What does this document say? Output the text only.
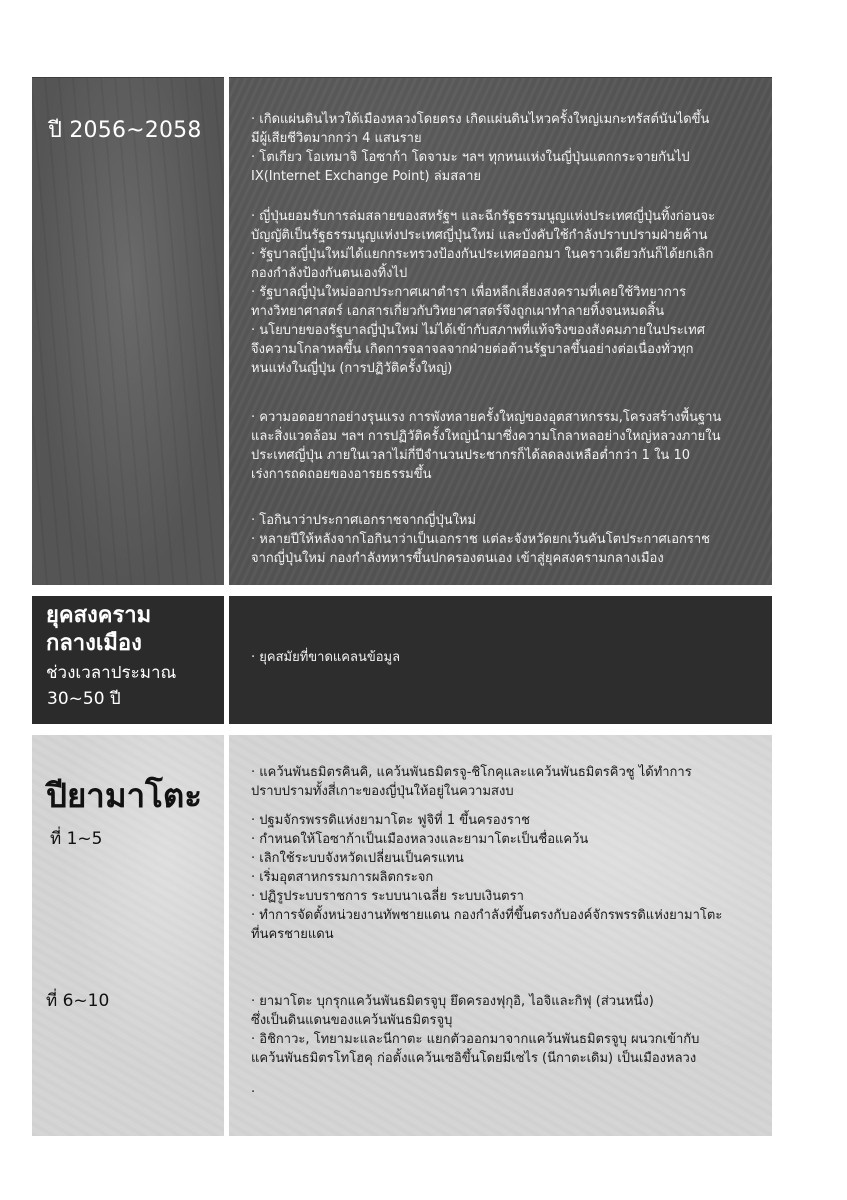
ปี 2056~2058	· เกิดแผ่นดินไหวใต้เมืองหลวงโดยตรง เกิดแผ่นดินไหวครั้งใหญ่เมกะทรัสต์นันไดขึ้น

มีผู้เสียชีวิตมากกว่า 4 แสนราย

· โตเกียว โอเทมาจิ โอซาก้า โดจามะ ฯลฯ ทุกหนแห่งในญี่ปุ่นแตกกระจายกันไป

IX(Internet Exchange Point) ล่มสลาย

· ญี่ปุ่นยอมรับการล่มสลายของสหรัฐฯ และฉีกรัฐธรรมนูญแห่งประเทศญี่ปุ่นทิ้งก่อนจะ

บัญญัติเป็นรัฐธรรมนูญแห่งประเทศญี่ปุ่นใหม่ และบังคับใช้กำลังปราบปรามฝ่ายค้าน

· รัฐบาลญี่ปุ่นใหม่ได้แยกกระทรวงป้องกันประเทศออกมา ในคราวเดียวกันก็ได้ยกเลิก

กองกำลังป้องกันตนเองทิ้งไป

· รัฐบาลญี่ปุ่นใหม่ออกประกาศเผาตำรา เพื่อหลีกเลี่ยงสงครามที่เคยใช้วิทยาการ

ทางวิทยาศาสตร์ เอกสารเกี่ยวกับวิทยาศาสตร์จึงถูกเผาทำลายทิ้งจนหมดสิ้น

· นโยบายของรัฐบาลญี่ปุ่นใหม่ ไม่ได้เข้ากับสภาพที่แท้จริงของสังคมภายในประเทศ

จึงความโกลาหลขึ้น เกิดการจลาจลจากฝ่ายต่อต้านรัฐบาลขึ้นอย่างต่อเนื่องทั่วทุก

หนแห่งในญี่ปุ่น (การปฏิวัติครั้งใหญ่)

· ความอดอยากอย่างรุนแรง การพังทลายครั้งใหญ่ของอุตสาหกรรม,โครงสร้างพื้นฐาน

และสิ่งแวดล้อม ฯลฯ การปฏิวัติครั้งใหญ่นำมาซึ่งความโกลาหลอย่างใหญ่หลวงภายใน

ประเทศญี่ปุ่น ภายในเวลาไม่กี่ปีจำนวนประชากรก็ได้ลดลงเหลือต่ำกว่า 1 ใน 10

เร่งการถดถอยของอารยธรรมขึ้น

· โอกินาว่าประกาศเอกราชจากญี่ปุ่นใหม่

· หลายปีให้หลังจากโอกินาว่าเป็นเอกราช แต่ละจังหวัดยกเว้นคันโตประกาศเอกราช

จากญี่ปุ่นใหม่ กองกำลังทหารขึ้นปกครองตนเอง เข้าสู่ยุคสงครามกลางเมือง

ยุคสงคราม
กลางเมือง
ช่วงเวลาประมาณ
30~50 ปี

· ยุคสมัยที่ขาดแคลนข้อมูล

ปียามาโตะ
ที่ 1~5
ที่ 6~10

· แคว้นพันธมิตรคินคิ, แคว้นพันธมิตรจู-ชิโกคุและแคว้นพันธมิตรคิวชู ได้ทำการ

ปราบปรามทั้งสี่เกาะของญี่ปุ่นให้อยู่ในความสงบ

· ปฐมจักรพรรดิแห่งยามาโตะ ฟูจิที่ 1 ขึ้นครองราช

· กำหนดให้โอซาก้าเป็นเมืองหลวงและยามาโตะเป็นชื่อแคว้น

· เลิกใช้ระบบจังหวัดเปลี่ยนเป็นครแทน

· เริ่มอุตสาหกรรมการผลิตกระจก

· ปฏิรูประบบราชการ ระบบนาเฉลี่ย ระบบเงินตรา

· ทำการจัดตั้งหน่วยงานทัพชายแดน กองกำลังที่ขึ้นตรงกับองค์จักรพรรดิแห่งยามาโตะ

ที่นครชายแดน

· ยามาโตะ บุกรุกแคว้นพันธมิตรจูบุ ยึดครองฟุกุอิ, ไอจิและกิฟุ (ส่วนหนึ่ง)

ซึ่งเป็นดินแดนของแคว้นพันธมิตรจูบุ

· อิชิกาวะ, โทยามะและนีกาตะ แยกตัวออกมาจากแคว้นพันธมิตรจูบุ ผนวกเข้ากับ

แคว้นพันธมิตรโทโฮคุ ก่อตั้งแคว้นเซอิขึ้นโดยมีเซไร (นีกาตะเดิม) เป็นเมืองหลวง

·
